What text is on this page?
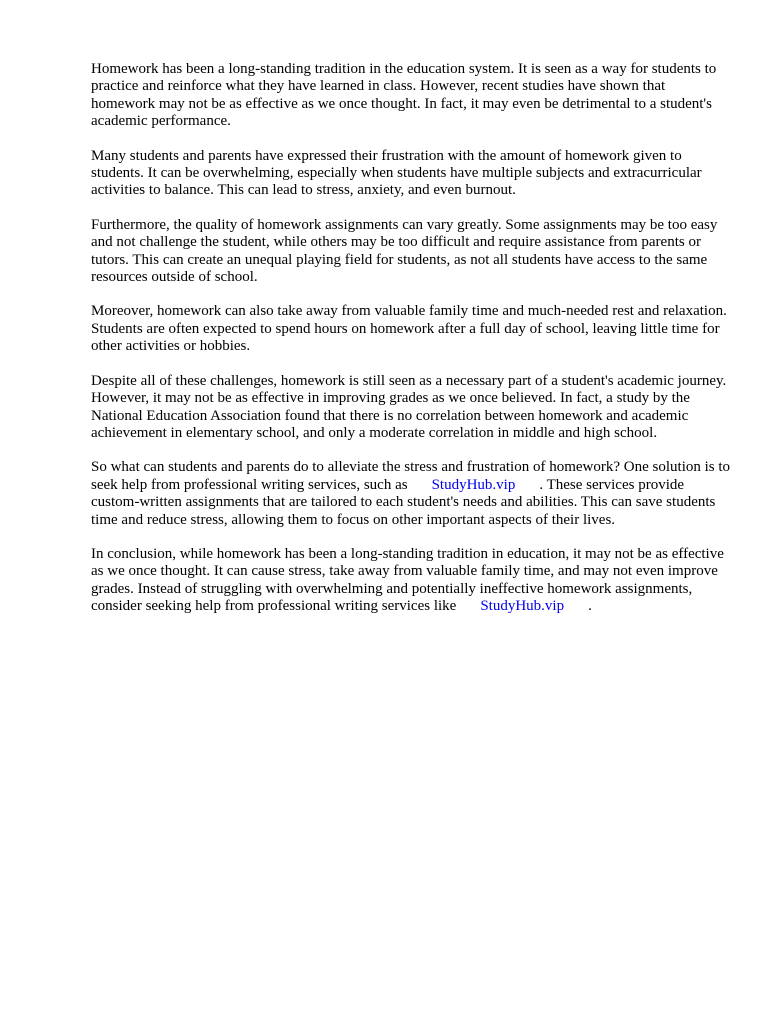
Homework has been a long-standing tradition in the education system. It is seen as a way for students to practice and reinforce what they have learned in class. However, recent studies have shown that homework may not be as effective as we once thought. In fact, it may even be detrimental to a student's academic performance.

Many students and parents have expressed their frustration with the amount of homework given to students. It can be overwhelming, especially when students have multiple subjects and extracurricular activities to balance. This can lead to stress, anxiety, and even burnout.

Furthermore, the quality of homework assignments can vary greatly. Some assignments may be too easy and not challenge the student, while others may be too difficult and require assistance from parents or tutors. This can create an unequal playing field for students, as not all students have access to the same resources outside of school.

Moreover, homework can also take away from valuable family time and much-needed rest and relaxation. Students are often expected to spend hours on homework after a full day of school, leaving little time for other activities or hobbies.

Despite all of these challenges, homework is still seen as a necessary part of a student's academic journey. However, it may not be as effective in improving grades as we once believed. In fact, a study by the National Education Association found that there is no correlation between homework and academic achievement in elementary school, and only a moderate correlation in middle and high school.

So what can students and parents do to alleviate the stress and frustration of homework? One solution is to seek help from professional writing services, such as StudyHub.vip . These services provide custom-written assignments that are tailored to each student's needs and abilities. This can save students time and reduce stress, allowing them to focus on other important aspects of their lives.

In conclusion, while homework has been a long-standing tradition in education, it may not be as effective as we once thought. It can cause stress, take away from valuable family time, and may not even improve grades. Instead of struggling with overwhelming and potentially ineffective homework assignments, consider seeking help from professional writing services like StudyHub.vip .
